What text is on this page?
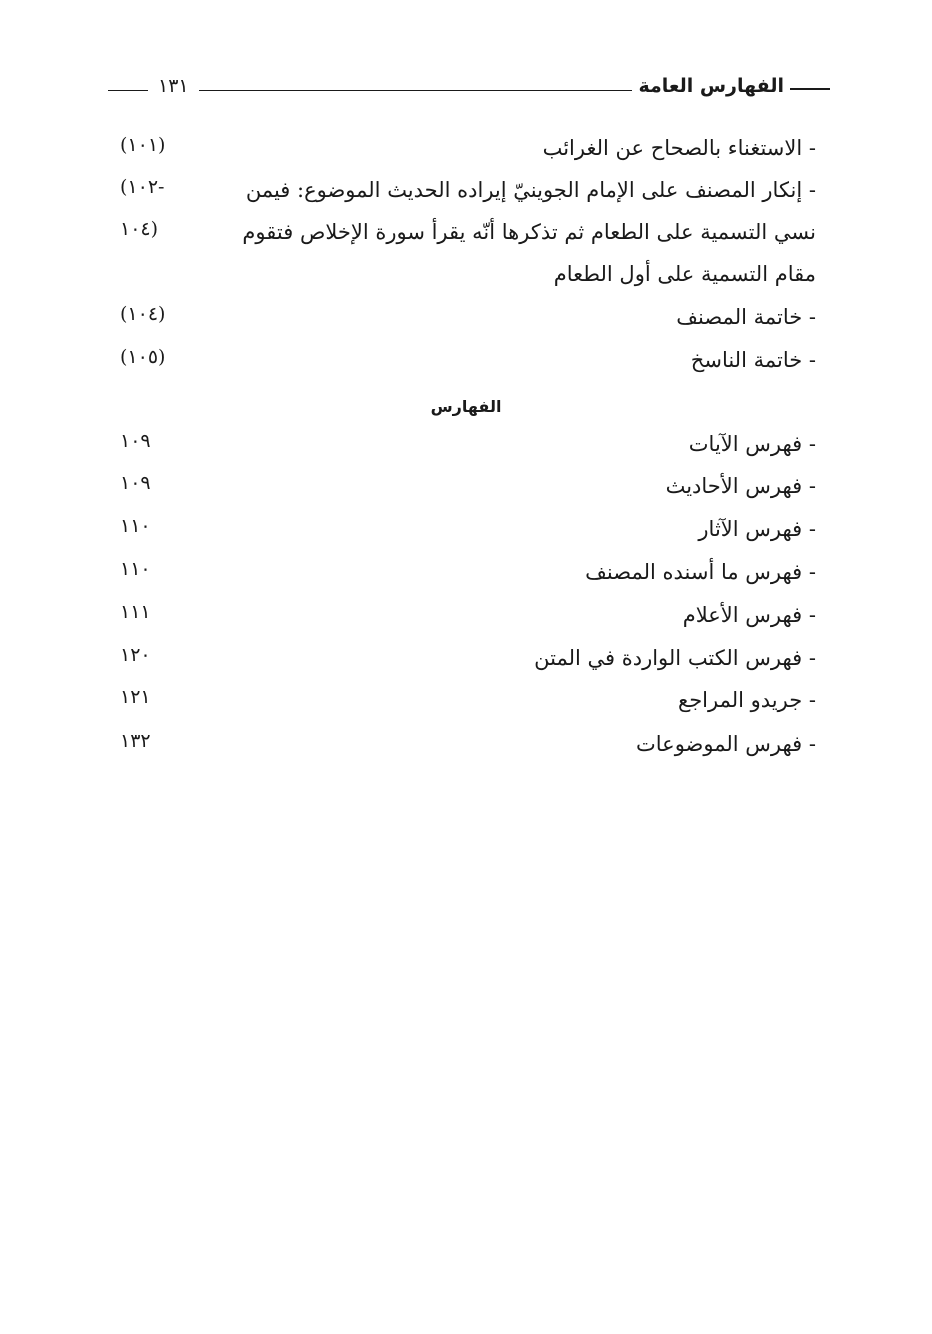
الفهارس العامة
١٣١
- الاستغناء بالصحاح عن الغرائب
(١٠١)
- إنكار المصنف على الإمام الجوينيّ إيراده الحديث الموضوع: فيمن
(١٠٢-
نسي التسمية على الطعام ثم تذكرها أنّه يقرأ سورة الإخلاص فتقوم
١٠٤)
مقام التسمية على أول الطعام
- خاتمة المصنف
(١٠٤)
- خاتمة الناسخ
(١٠٥)
الفهارس
- فهرس الآيات
١٠٩
- فهرس الأحاديث
١٠٩
- فهرس الآثار
١١٠
- فهرس ما أسنده المصنف
١١٠
- فهرس الأعلام
١١١
- فهرس الكتب الواردة في المتن
١٢٠
- جريدو المراجع
١٢١
- فهرس الموضوعات
١٣٢
